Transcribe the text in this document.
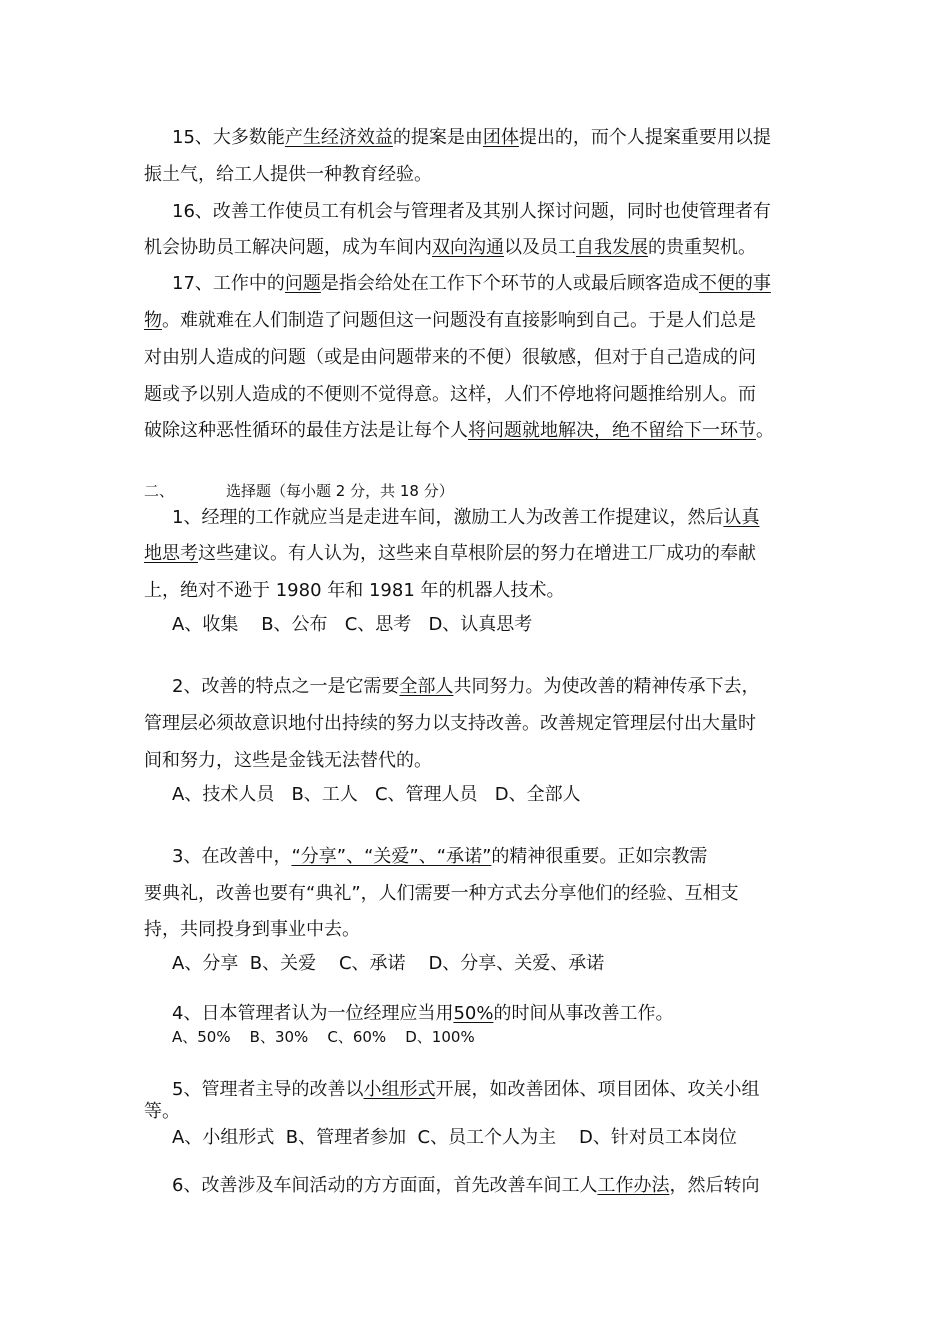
15、大多数能产生经济效益的提案是由团体提出的，而个人提案重要用以提

振土气，给工人提供一种教育经验。

16、改善工作使员工有机会与管理者及其别人探讨问题，同时也使管理者有

机会协助员工解决问题，成为车间内双向沟通以及员工自我发展的贵重契机。

17、工作中的问题是指会给处在工作下个环节的人或最后顾客造成不便的事

物。难就难在人们制造了问题但这一问题没有直接影响到自己。于是人们总是

对由别人造成的问题（或是由问题带来的不便）很敏感，但对于自己造成的问

题或予以别人造成的不便则不觉得意。这样，人们不停地将问题推给别人。而

破除这种恶性循环的最佳方法是让每个人将问题就地解决，绝不留给下一环节。

二、	选择题（每小题 2 分，共 18 分）

1、经理的工作就应当是走进车间，激励工人为改善工作提建议，然后认真

地思考这些建议。有人认为，这些来自草根阶层的努力在增进工厂成功的奉献

上，绝对不逊于 1980 年和 1981 年的机器人技术。

A、收集    B、公布   C、思考   D、认真思考

2、改善的特点之一是它需要全部人共同努力。为使改善的精神传承下去，

管理层必须故意识地付出持续的努力以支持改善。改善规定管理层付出大量时

间和努力，这些是金钱无法替代的。

A、技术人员   B、工人   C、管理人员   D、全部人

3、在改善中，“分享”、“关爱”、“承诺”的精神很重要。正如宗教需

要典礼，改善也要有“典礼”，人们需要一种方式去分享他们的经验、互相支

持，共同投身到事业中去。

A、分享  B、关爱    C、承诺    D、分享、关爱、承诺

4、日本管理者认为一位经理应当用50%的时间从事改善工作。

A、50%    B、30%    C、60%    D、100%

5、管理者主导的改善以小组形式开展，如改善团体、项目团体、攻关小组

等。

A、小组形式  B、管理者参加  C、员工个人为主    D、针对员工本岗位

6、改善涉及车间活动的方方面面，首先改善车间工人工作办法，然后转向
